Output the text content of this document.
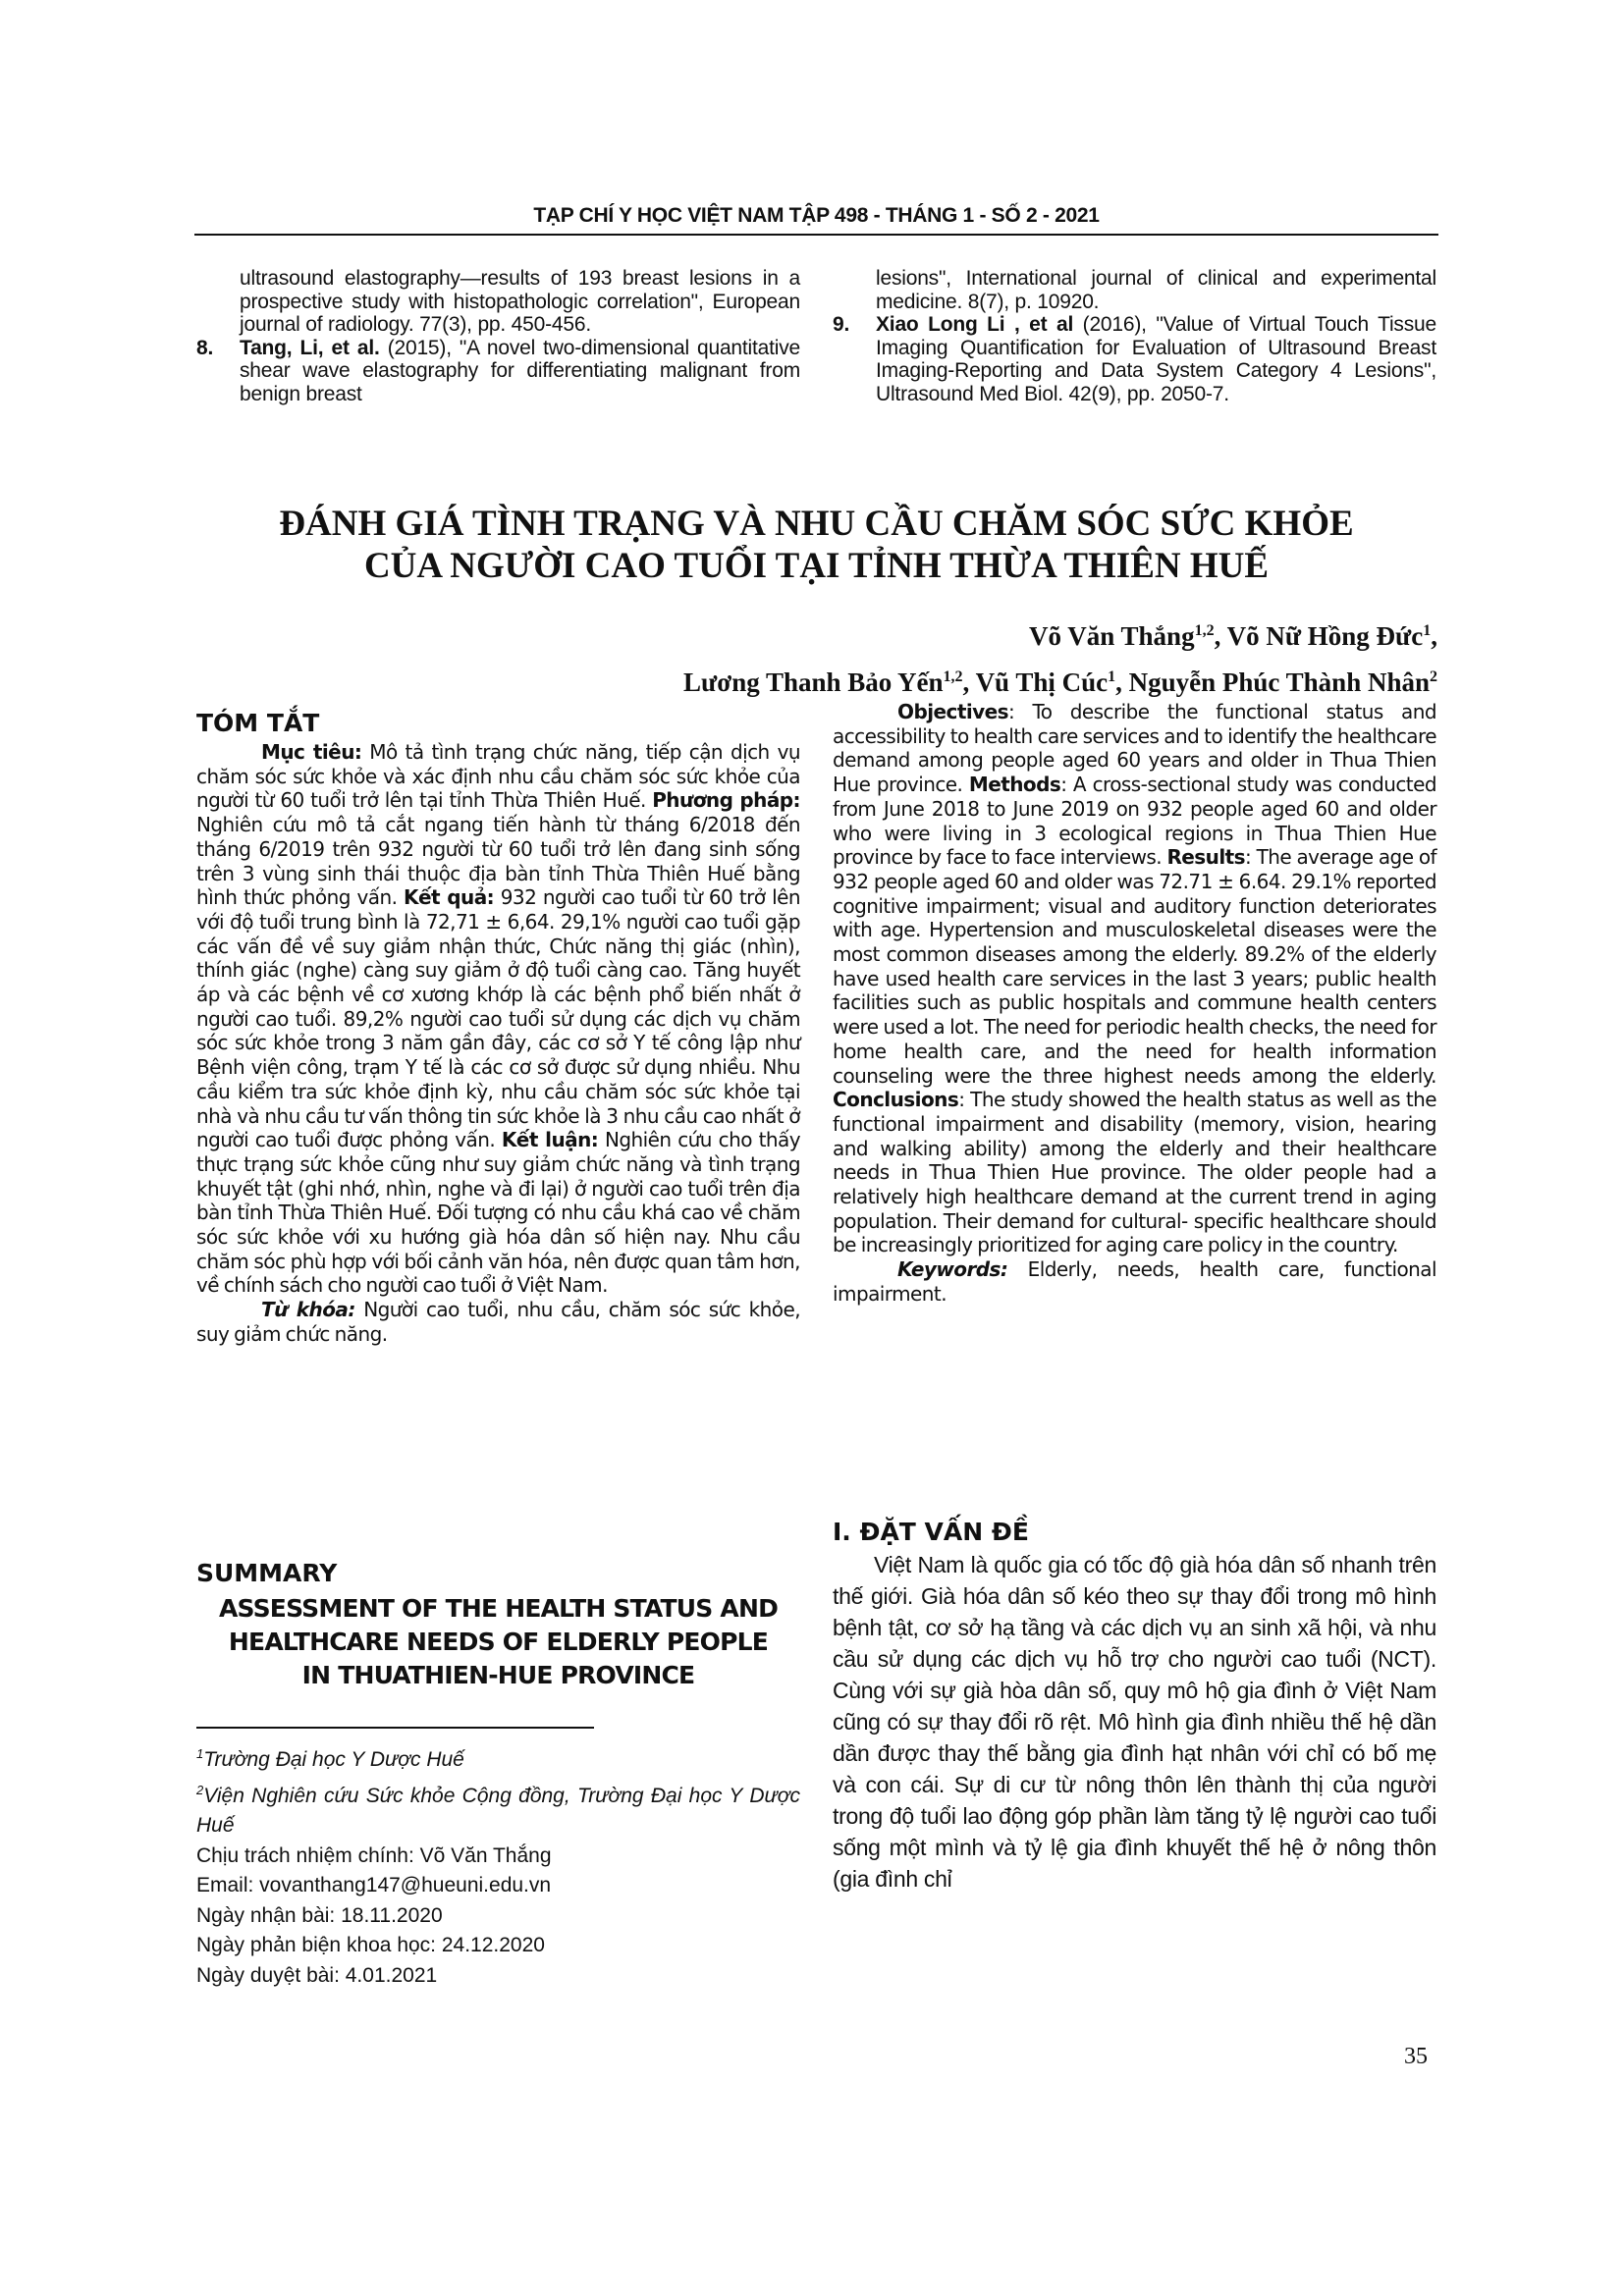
TẠP CHÍ Y HỌC VIỆT NAM TẬP 498 - THÁNG 1 - SỐ 2 - 2021
ultrasound elastography—results of 193 breast lesions in a prospective study with histopathologic correlation", European journal of radiology. 77(3), pp. 450-456.
8. Tang, Li, et al. (2015), "A novel two-dimensional quantitative shear wave elastography for differentiating malignant from benign breast
lesions", International journal of clinical and experimental medicine. 8(7), p. 10920.
9. Xiao Long Li , et al (2016), "Value of Virtual Touch Tissue Imaging Quantification for Evaluation of Ultrasound Breast Imaging-Reporting and Data System Category 4 Lesions", Ultrasound Med Biol. 42(9), pp. 2050-7.
ĐÁNH GIÁ TÌNH TRẠNG VÀ NHU CẦU CHĂM SÓC SỨC KHỎE
CỦA NGƯỜI CAO TUỔI TẠI TỈNH THỪA THIÊN HUẾ
Võ Văn Thắng$^{1,2}$, Võ Nữ Hồng Đức$^1$,
Lương Thanh Bảo Yến$^{1,2}$, Vũ Thị Cúc$^1$, Nguyễn Phúc Thành Nhân$^2$
TÓM TẮT

Mục tiêu: Mô tả tình trạng chức năng, tiếp cận dịch vụ chăm sóc sức khỏe và xác định nhu cầu chăm sóc sức khỏe của người từ 60 tuổi trở lên tại tỉnh Thừa Thiên Huế. Phương pháp: Nghiên cứu mô tả cắt ngang tiến hành từ tháng 6/2018 đến tháng 6/2019 trên 932 người từ 60 tuổi trở lên đang sinh sống trên 3 vùng sinh thái thuộc địa bàn tỉnh Thừa Thiên Huế bằng hình thức phỏng vấn. Kết quả: 932 người cao tuổi từ 60 trở lên với độ tuổi trung bình là 72,71 ± 6,64. 29,1% người cao tuổi gặp các vấn đề về suy giảm nhận thức, Chức năng thị giác (nhìn), thính giác (nghe) càng suy giảm ở độ tuổi càng cao. Tăng huyết áp và các bệnh về cơ xương khớp là các bệnh phổ biến nhất ở người cao tuổi. 89,2% người cao tuổi sử dụng các dịch vụ chăm sóc sức khỏe trong 3 năm gần đây, các cơ sở Y tế công lập như Bệnh viện công, trạm Y tế là các cơ sở được sử dụng nhiều. Nhu cầu kiểm tra sức khỏe định kỳ, nhu cầu chăm sóc sức khỏe tại nhà và nhu cầu tư vấn thông tin sức khỏe là 3 nhu cầu cao nhất ở người cao tuổi được phỏng vấn. Kết luận: Nghiên cứu cho thấy thực trạng sức khỏe cũng như suy giảm chức năng và tình trạng khuyết tật (ghi nhớ, nhìn, nghe và đi lại) ở người cao tuổi trên địa bàn tỉnh Thừa Thiên Huế. Đối tượng có nhu cầu khá cao về chăm sóc sức khỏe với xu hướng già hóa dân số hiện nay. Nhu cầu chăm sóc phù hợp với bối cảnh văn hóa, nên được quan tâm hơn, về chính sách cho người cao tuổi ở Việt Nam.

Từ khóa: Người cao tuổi, nhu cầu, chăm sóc sức khỏe, suy giảm chức năng.

SUMMARY
ASSESSMENT OF THE HEALTH STATUS AND
HEALTHCARE NEEDS OF ELDERLY PEOPLE
IN THUATHIEN-HUE PROVINCE
$^1$Trường Đại học Y Dược Huế
$^2$Viện Nghiên cứu Sức khỏe Cộng đồng, Trường Đại học Y Dược Huế
Chịu trách nhiệm chính: Võ Văn Thắng
Email: vovanthang147@hueuni.edu.vn
Ngày nhận bài: 18.11.2020
Ngày phản biện khoa học: 24.12.2020
Ngày duyệt bài: 4.01.2021

Objectives: To describe the functional status and accessibility to health care services and to identify the healthcare demand among people aged 60 years and older in Thua Thien Hue province. Methods: A cross-sectional study was conducted from June 2018 to June 2019 on 932 people aged 60 and older who were living in 3 ecological regions in Thua Thien Hue province by face to face interviews. Results: The average age of 932 people aged 60 and older was 72.71 ± 6.64. 29.1% reported cognitive impairment; visual and auditory function deteriorates with age. Hypertension and musculoskeletal diseases were the most common diseases among the elderly. 89.2% of the elderly have used health care services in the last 3 years; public health facilities such as public hospitals and commune health centers were used a lot. The need for periodic health checks, the need for home health care, and the need for health information counseling were the three highest needs among the elderly. Conclusions: The study showed the health status as well as the functional impairment and disability (memory, vision, hearing and walking ability) among the elderly and their healthcare needs in Thua Thien Hue province. The older people had a relatively high healthcare demand at the current trend in aging population. Their demand for cultural- specific healthcare should be increasingly prioritized for aging care policy in the country.

Keywords: Elderly, needs, health care, functional impairment.

I. ĐẶT VẤN ĐỀ

Việt Nam là quốc gia có tốc độ già hóa dân số nhanh trên thế giới. Già hóa dân số kéo theo sự thay đổi trong mô hình bệnh tật, cơ sở hạ tầng và các dịch vụ an sinh xã hội, và nhu cầu sử dụng các dịch vụ hỗ trợ cho người cao tuổi (NCT). Cùng với sự già hòa dân số, quy mô hộ gia đình ở Việt Nam cũng có sự thay đổi rõ rệt. Mô hình gia đình nhiều thế hệ dần dần được thay thế bằng gia đình hạt nhân với chỉ có bố mẹ và con cái. Sự di cư từ nông thôn lên thành thị của người trong độ tuổi lao động góp phần làm tăng tỷ lệ người cao tuổi sống một mình và tỷ lệ gia đình khuyết thế hệ ở nông thôn (gia đình chỉ

35
